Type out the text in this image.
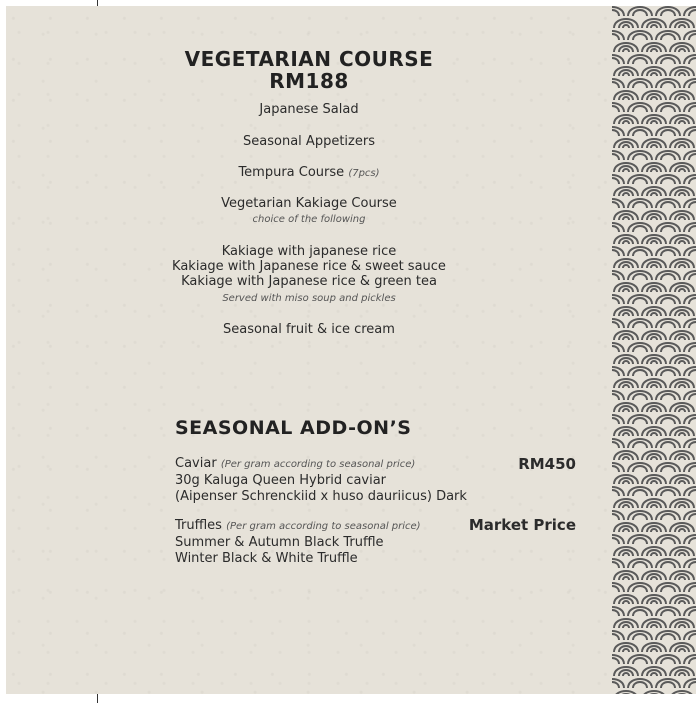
VEGETARIAN COURSE
RM188
Japanese Salad
Seasonal Appetizers
Tempura Course (7pcs)
Vegetarian Kakiage Course
choice of the following
Kakiage with japanese rice
Kakiage with Japanese rice & sweet sauce
Kakiage with Japanese rice & green tea
Served with miso soup and pickles
Seasonal fruit & ice cream
SEASONAL ADD-ON’S
Caviar (Per gram according to seasonal price)
30g Kaluga Queen Hybrid caviar
(Aipenser Schrenckiid x huso dauriicus) Dark
RM450
Truffles (Per gram according to seasonal price)
Summer & Autumn Black Truffle
Winter Black & White Truffle
Market Price
